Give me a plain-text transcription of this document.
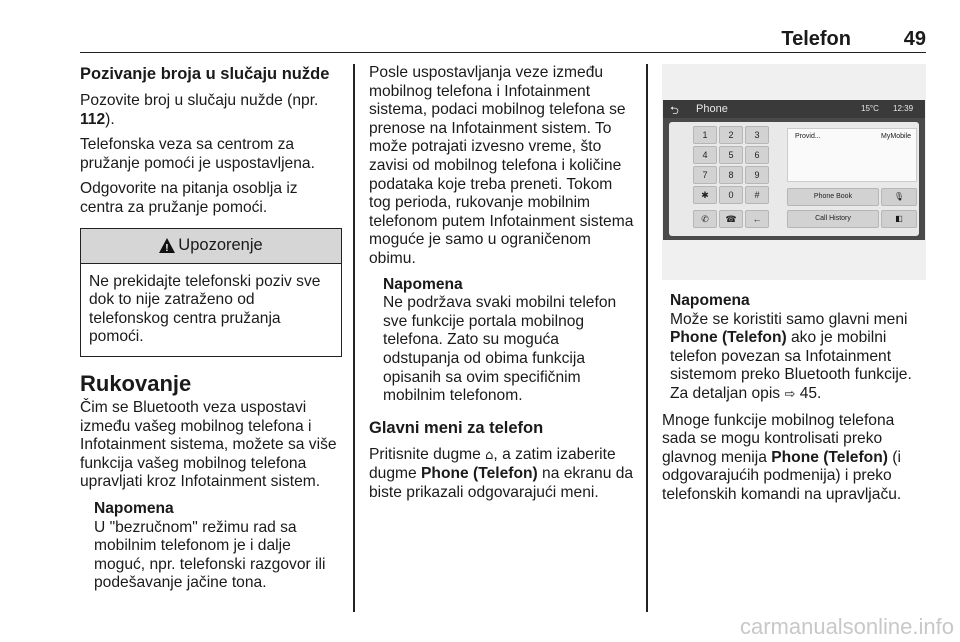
Telefon	49
Pozivanje broja u slučaju nužde

Pozovite broj u slučaju nužde (npr.
112).

Telefonska veza sa centrom za pružanje pomoći je uspostavljena.

Odgovorite na pitanja osoblja iz centra za pružanje pomoći.

!
Upozorenje
Ne prekidajte telefonski poziv sve dok to nije zatraženo od telefonskog centra pružanja pomoći.
Rukovanje

Čim se Bluetooth veza uspostavi između vašeg mobilnog telefona i Infotainment sistema, možete sa više funkcija vašeg mobilnog telefona upravljati kroz Infotainment sistem.

Napomena
U "bezručnom" režimu rad sa mobilnim telefonom je i dalje moguć, npr. telefonski razgovor ili podešavanje jačine tona.

Posle uspostavljanja veze između mobilnog telefona i Infotainment sistema, podaci mobilnog telefona se prenose na Infotainment sistem. To može potrajati izvesno vreme, što zavisi od mobilnog telefona i količine podataka koje treba preneti. Tokom tog perioda, rukovanje mobilnim telefonom putem Infotainment sistema moguće je samo u ograničenom obimu.

Napomena
Ne podržava svaki mobilni telefon sve funkcije portala mobilnog telefona. Zato su moguća odstupanja od obima funkcija opisanih sa ovim specifičnim mobilnim telefonom.
Glavni meni za telefon

Pritisnite dugme ⌂, a zatim izaberite dugme Phone (Telefon) na ekranu da biste prikazali odgovarajući meni.

⮌ Phone	15°C 12:39
1	2	3
4	5	6
7	8	9
✱	0	#
✆	☎	←
Provid...	MyMobile
Phone Book	🎙
Call History	◧
Napomena
Može se koristiti samo glavni meni Phone (Telefon) ako je mobilni telefon povezan sa Infotainment sistemom preko Bluetooth funkcije. Za detaljan opis ⇨ 45.

Mnoge funkcije mobilnog telefona sada se mogu kontrolisati preko glavnog menija Phone (Telefon) (i odgovarajućih podmenija) i preko telefonskih komandi na upravljaču.

carmanualsonline.info
